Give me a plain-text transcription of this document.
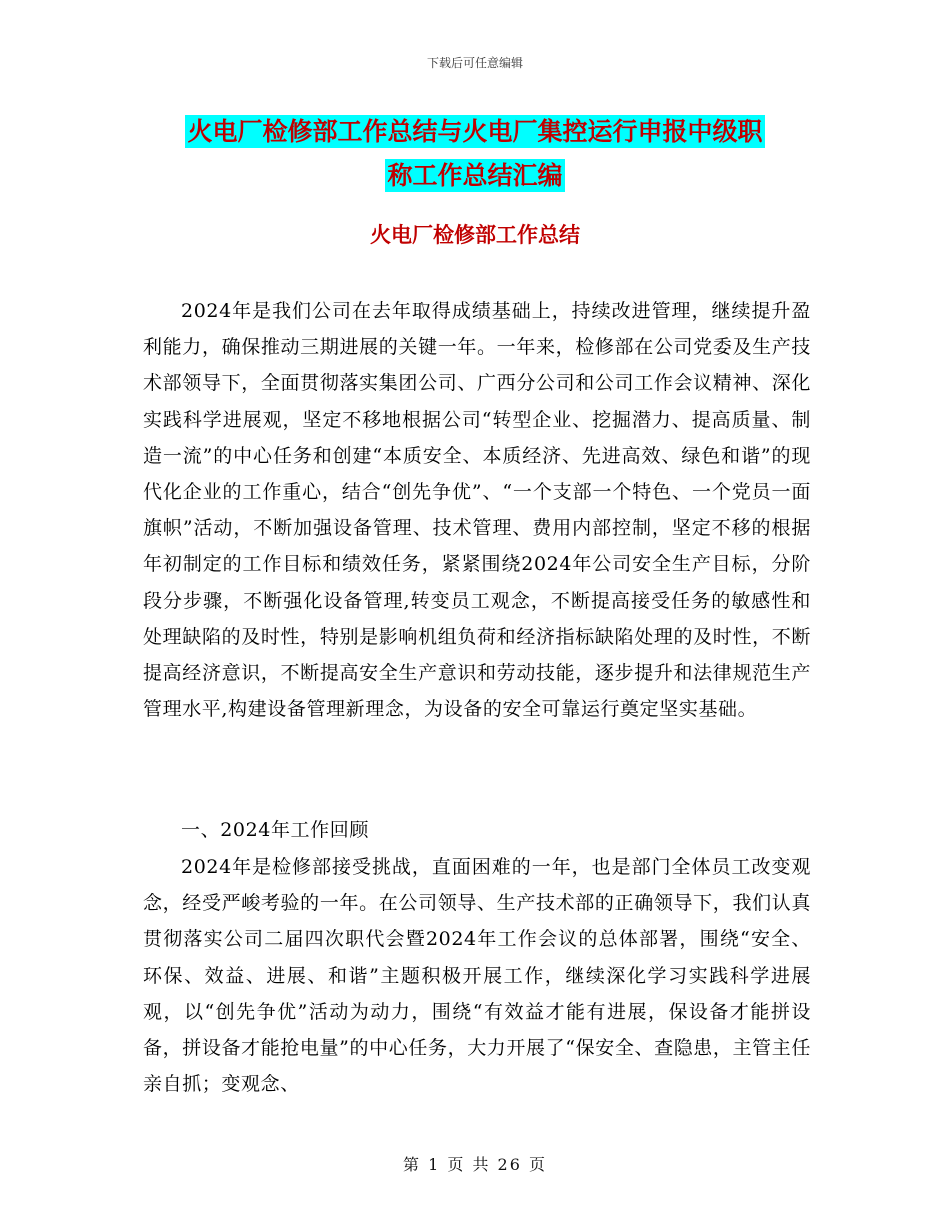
下载后可任意编辑
火电厂检修部工作总结与火电厂集控运行申报中级职
称工作总结汇编
火电厂检修部工作总结

2024年是我们公司在去年取得成绩基础上，持续改进管理，继续提升盈利能力，确保推动三期进展的关键一年。一年来，检修部在公司党委及生产技术部领导下，全面贯彻落实集团公司、广西分公司和公司工作会议精神、深化实践科学进展观，坚定不移地根据公司“转型企业、挖掘潜力、提高质量、制造一流”的中心任务和创建“本质安全、本质经济、先进高效、绿色和谐”的现代化企业的工作重心，结合“创先争优”、“一个支部一个特色、一个党员一面旗帜”活动，不断加强设备管理、技术管理、费用内部控制，坚定不移的根据年初制定的工作目标和绩效任务，紧紧围绕2024年公司安全生产目标，分阶段分步骤，不断强化设备管理,转变员工观念，不断提高接受任务的敏感性和处理缺陷的及时性，特别是影响机组负荷和经济指标缺陷处理的及时性，不断提高经济意识，不断提高安全生产意识和劳动技能，逐步提升和法律规范生产管理水平,构建设备管理新理念，为设备的安全可靠运行奠定坚实基础。

一、2024年工作回顾

2024年是检修部接受挑战，直面困难的一年，也是部门全体员工改变观念，经受严峻考验的一年。在公司领导、生产技术部的正确领导下，我们认真贯彻落实公司二届四次职代会暨2024年工作会议的总体部署，围绕“安全、环保、效益、进展、和谐”主题积极开展工作，继续深化学习实践科学进展观，以“创先争优”活动为动力，围绕“有效益才能有进展，保设备才能拼设备，拼设备才能抢电量”的中心任务，大力开展了“保安全、查隐患，主管主任亲自抓；变观念、

第 1 页 共 26 页
